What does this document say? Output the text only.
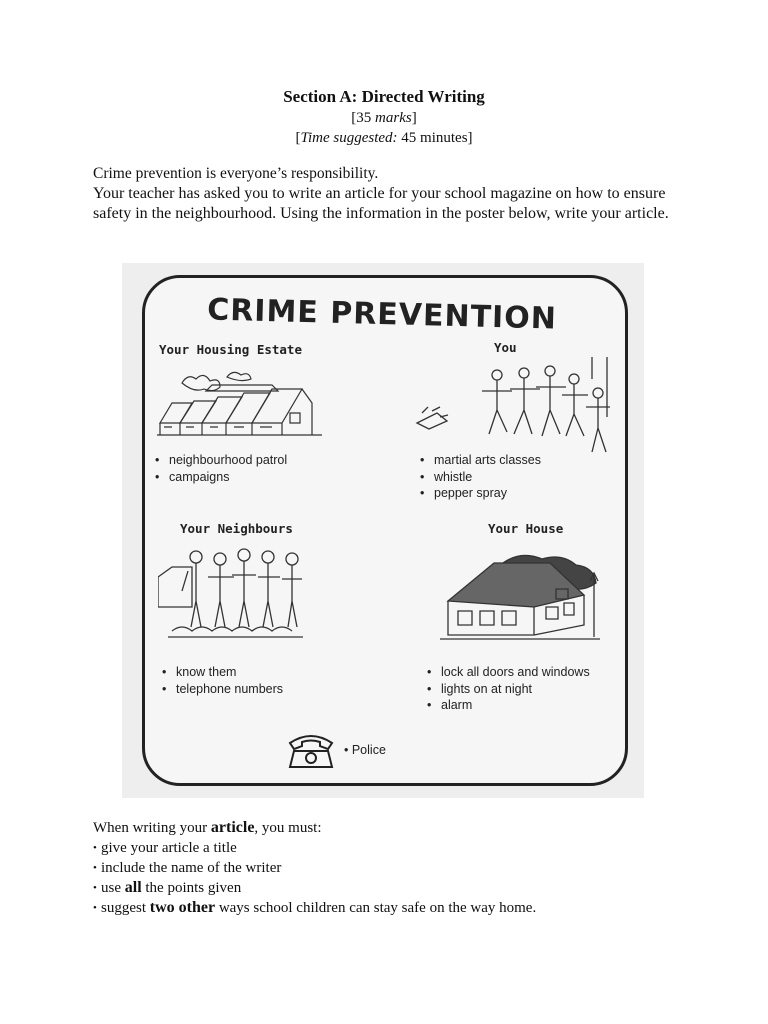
Section A: Directed Writing
[35 marks]
[Time suggested: 45 minutes]
Crime prevention is everyone’s responsibility.
Your teacher has asked you to write an article for your school magazine on how to ensure safety in the neighbourhood. Using the information in the poster below, write your article.
CRIME PREVENTION
Your Housing Estate
• neighbourhood patrol
• campaigns
You
• martial arts classes
• whistle
• pepper spray
Your Neighbours
• know them
• telephone numbers
Your House
• lock all doors and windows
• lights on at night
• alarm
• Police
When writing your article, you must:
• give your article a title
• include the name of the writer
• use all the points given
• suggest two other ways school children can stay safe on the way home.
